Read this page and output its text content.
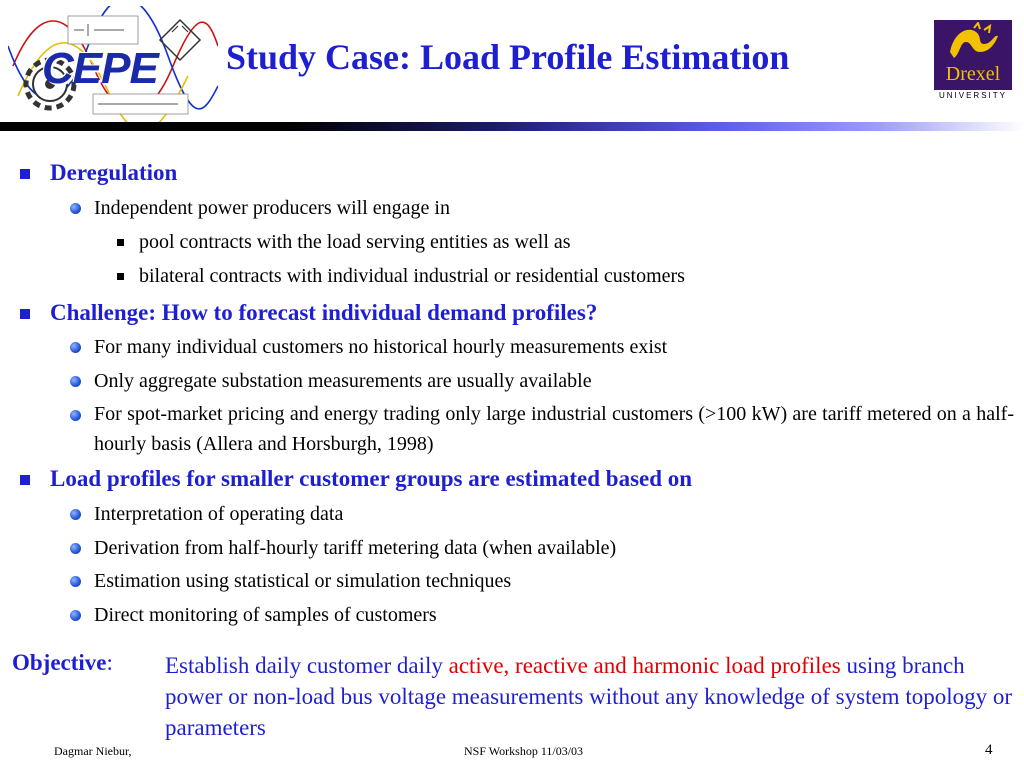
CEPE Study Case: Load Profile Estimation	Drexel
UNIVERSITY
Deregulation
Independent power producers will engage in
pool contracts with the load serving entities as well as
bilateral contracts with individual industrial or residential customers
Challenge: How to forecast individual demand profiles?
For many individual customers no historical hourly measurements exist
Only aggregate substation measurements are usually available
For spot-market pricing and energy trading only large industrial customers (>100 kW) are tariff metered on a half-hourly basis (Allera and Horsburgh, 1998)
Load profiles for smaller customer groups are estimated based on
Interpretation of operating data
Derivation from half-hourly tariff metering data (when available)
Estimation using statistical or simulation techniques
Direct monitoring of samples of customers
Objective: Establish daily customer daily active, reactive and harmonic load profiles using branch power or non-load bus voltage measurements without any knowledge of system topology or parameters
Dagmar Niebur,	NSF Workshop 11/03/03	4
